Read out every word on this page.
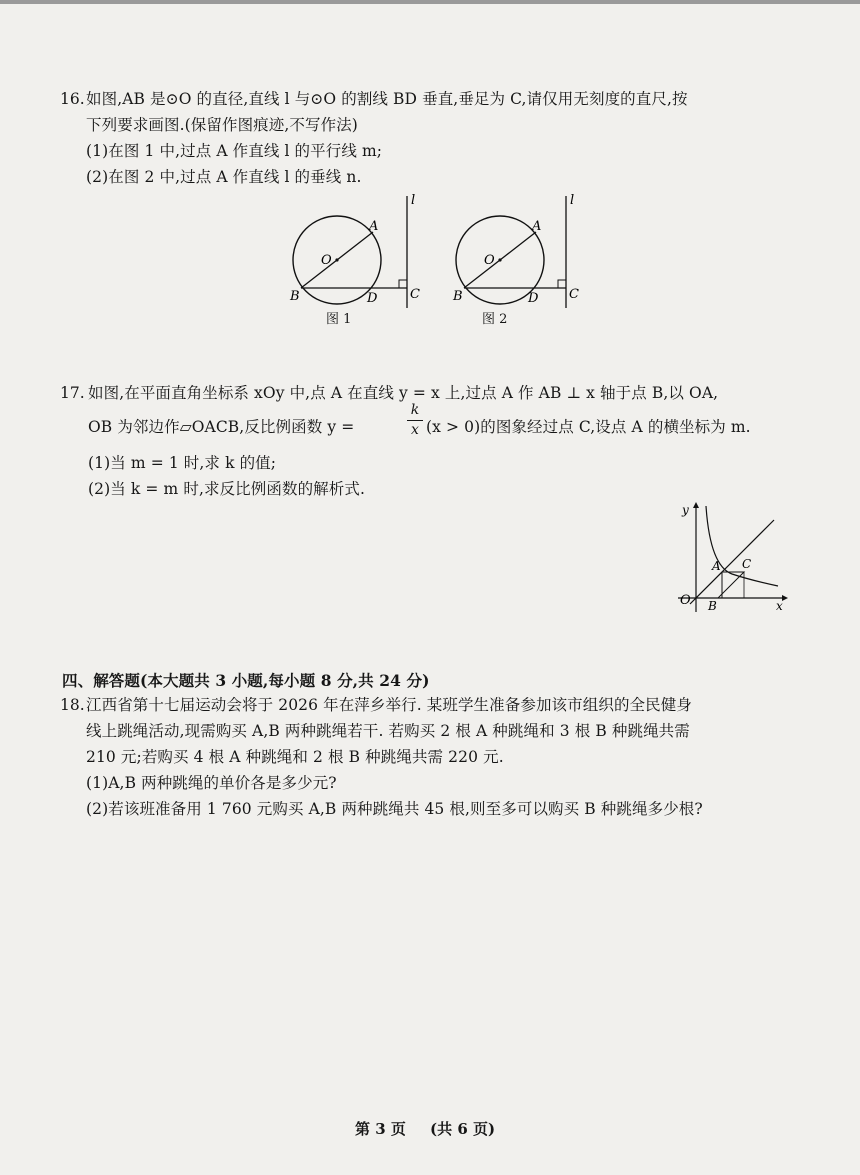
16. 如图,AB 是⊙O 的直径,直线 l 与⊙O 的割线 BD 垂直,垂足为 C,请仅用无刻度的直尺,按
下列要求画图.(保留作图痕迹,不写作法)
(1)在图 1 中,过点 A 作直线 l 的平行线 m;
(2)在图 2 中,过点 A 作直线 l 的垂线 n.
A
O
B	D	C
l
图 1
A
O
B	D C
l
图 2
17. 如图,在平面直角坐标系 xOy 中,点 A 在直线 y = x 上,过点 A 作 AB ⊥ x 轴于点 B,以 OA,
OB 为邻边作▱OACB,反比例函数 y =
k
x (x > 0)的图象经过点 C,设点 A 的横坐标为 m.
(1)当 m = 1 时,求 k 的值;
(2)当 k = m 时,求反比例函数的解析式.
y
x
O
A
B
C
四、解答题(本大题共 3 小题,每小题 8 分,共 24 分)
18. 江西省第十七届运动会将于 2026 年在萍乡举行. 某班学生准备参加该市组织的全民健身
线上跳绳活动,现需购买 A,B 两种跳绳若干. 若购买 2 根 A 种跳绳和 3 根 B 种跳绳共需
210 元;若购买 4 根 A 种跳绳和 2 根 B 种跳绳共需 220 元.
(1)A,B 两种跳绳的单价各是多少元?
(2)若该班准备用 1 760 元购买 A,B 两种跳绳共 45 根,则至多可以购买 B 种跳绳多少根?
第 3 页 (共 6 页)
